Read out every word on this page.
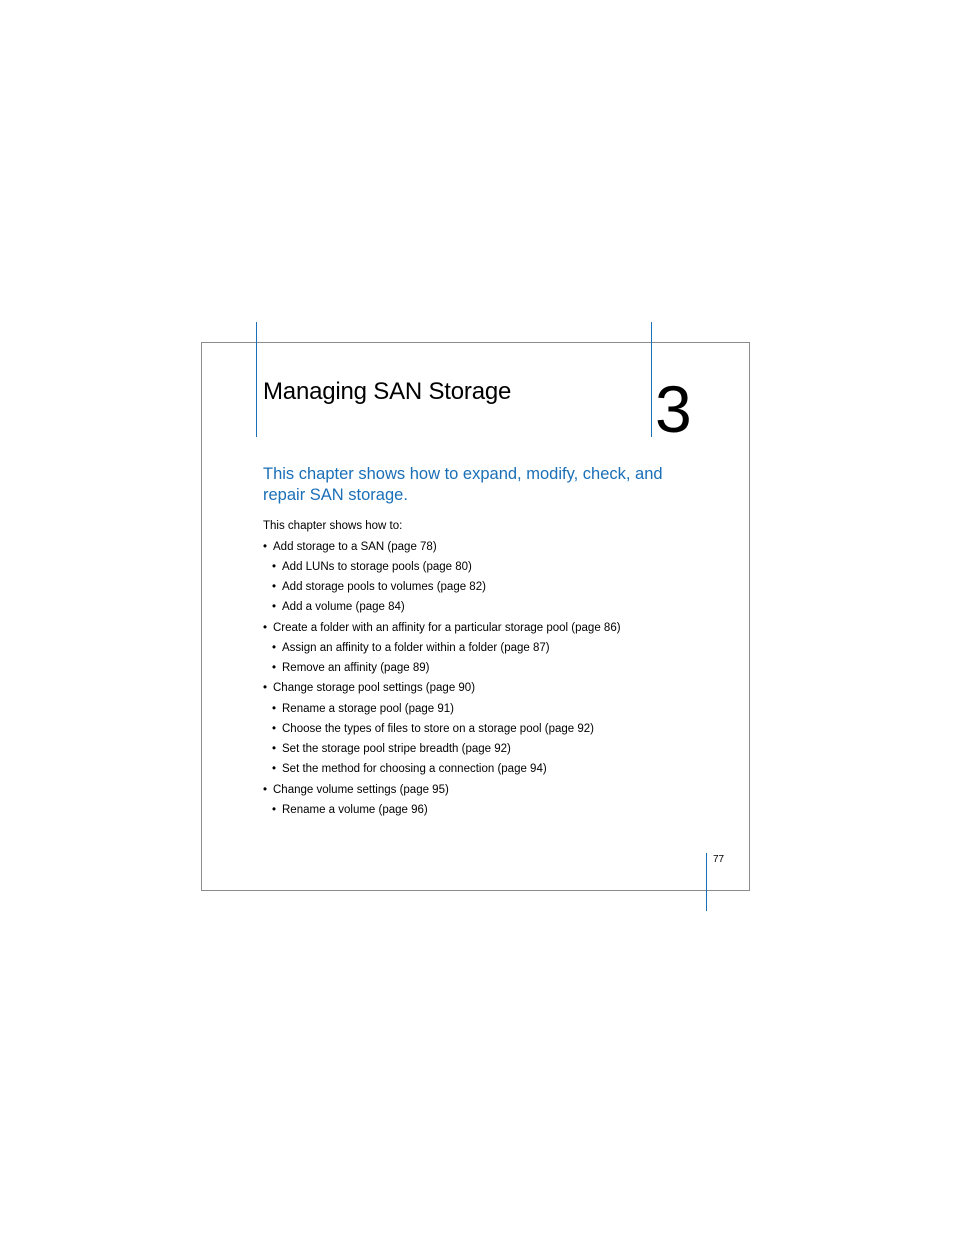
Managing SAN Storage 3

This chapter shows how to expand, modify, check, and repair SAN storage.

This chapter shows how to:

• Add storage to a SAN (page 78)

• Add LUNs to storage pools (page 80)

• Add storage pools to volumes (page 82)

• Add a volume (page 84)

• Create a folder with an affinity for a particular storage pool (page 86)

• Assign an affinity to a folder within a folder (page 87)

• Remove an affinity (page 89)

• Change storage pool settings (page 90)

• Rename a storage pool (page 91)

• Choose the types of files to store on a storage pool (page 92)

• Set the storage pool stripe breadth (page 92)

• Set the method for choosing a connection (page 94)

• Change volume settings (page 95)

• Rename a volume (page 96)

77
